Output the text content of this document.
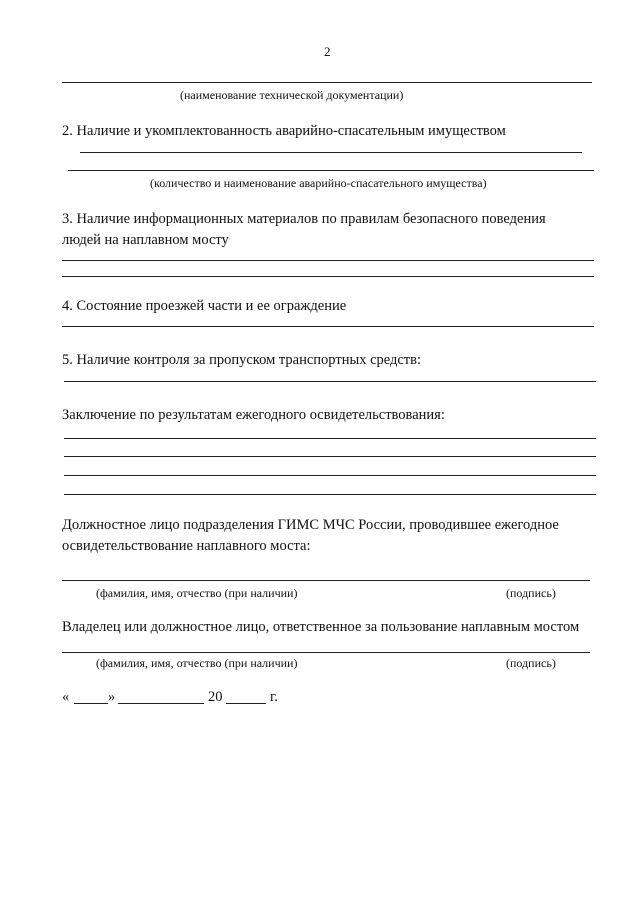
2
(наименование технической документации)
2. Наличие и укомплектованность аварийно-спасательным имуществом
(количество и наименование аварийно-спасательного имущества)
3. Наличие информационных материалов по правилам безопасного поведения
людей на наплавном мосту
4. Состояние проезжей части и ее ограждение
5. Наличие контроля за пропуском транспортных средств:
Заключение по результатам ежегодного освидетельствования:
Должностное лицо подразделения ГИМС МЧС России, проводившее ежегодное
освидетельствование наплавного моста:
(фамилия, имя, отчество (при наличии)	(подпись)
Владелец или должностное лицо, ответственное за пользование наплавным мостом
(фамилия, имя, отчество (при наличии)	(подпись)
«	»	20	г.
